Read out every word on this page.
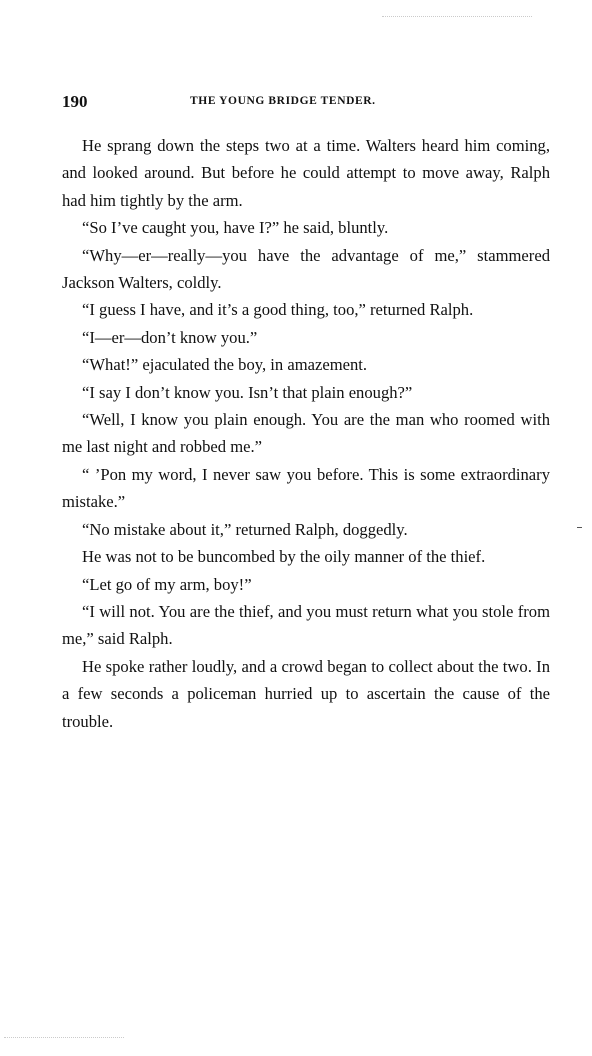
190	THE YOUNG BRIDGE TENDER.

He sprang down the steps two at a time. Walters heard him coming, and looked around. But before he could attempt to move away, Ralph had him tightly by the arm.

“So I’ve caught you, have I?” he said, bluntly.

“Why—er—really—you have the advantage of me,” stammered Jackson Walters, coldly.

“I guess I have, and it’s a good thing, too,” returned Ralph.

“I—er—don’t know you.”

“What!” ejaculated the boy, in amazement.

“I say I don’t know you. Isn’t that plain enough?”

“Well, I know you plain enough. You are the man who roomed with me last night and robbed me.”

“ ’Pon my word, I never saw you before. This is some extraordinary mistake.”

“No mistake about it,” returned Ralph, doggedly.

He was not to be buncombed by the oily manner of the thief.

“Let go of my arm, boy!”

“I will not. You are the thief, and you must return what you stole from me,” said Ralph.

He spoke rather loudly, and a crowd began to collect about the two. In a few seconds a policeman hurried up to ascertain the cause of the trouble.
